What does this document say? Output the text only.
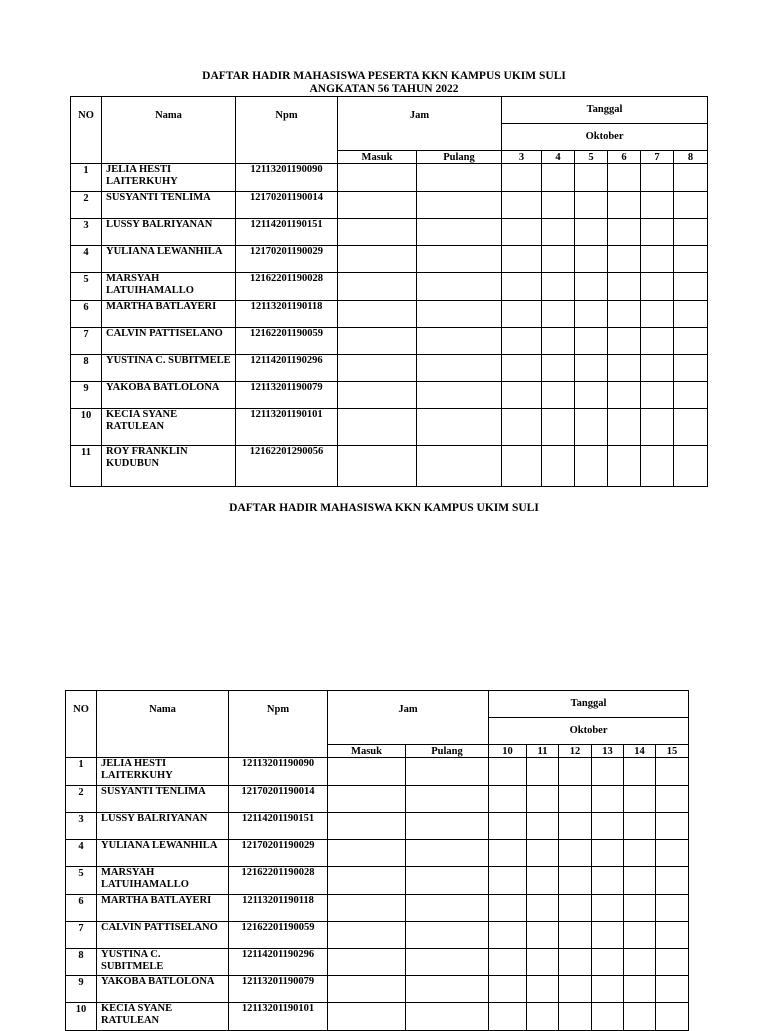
DAFTAR HADIR MAHASISWA PESERTA KKN KAMPUS UKIM SULI
ANGKATAN 56 TAHUN 2022
NO	Nama	Npm	Jam		Tanggal					
					Oktober					
			Masuk	Pulang	3	4	5	6	7	8
1	JELIA HESTI LAITERKUHY	12113201190090								
2	SUSYANTI TENLIMA	12170201190014								
3	LUSSY BALRIYANAN	12114201190151								
4	YULIANA LEWANHILA	12170201190029								
5	MARSYAH LATUIHAMALLO	12162201190028								
6	MARTHA BATLAYERI	12113201190118								
7	CALVIN PATTISELANO	12162201190059								
8	YUSTINA C. SUBITMELE	12114201190296								
9	YAKOBA BATLOLONA	12113201190079								
10	KECIA SYANE RATULEAN	12113201190101								
11	ROY FRANKLIN KUDUBUN	12162201290056								
DAFTAR HADIR MAHASISWA KKN KAMPUS UKIM SULI
NO	Nama	Npm	Jam		Tanggal					
					Oktober					
			Masuk	Pulang	10	11	12	13	14	15
1	JELIA HESTI LAITERKUHY	12113201190090								
2	SUSYANTI TENLIMA	12170201190014								
3	LUSSY BALRIYANAN	12114201190151								
4	YULIANA LEWANHILA	12170201190029								
5	MARSYAH LATUIHAMALLO	12162201190028								
6	MARTHA BATLAYERI	12113201190118								
7	CALVIN PATTISELANO	12162201190059								
8	YUSTINA C. SUBITMELE	12114201190296								
9	YAKOBA BATLOLONA	12113201190079								
10	KECIA SYANE RATULEAN	12113201190101								
